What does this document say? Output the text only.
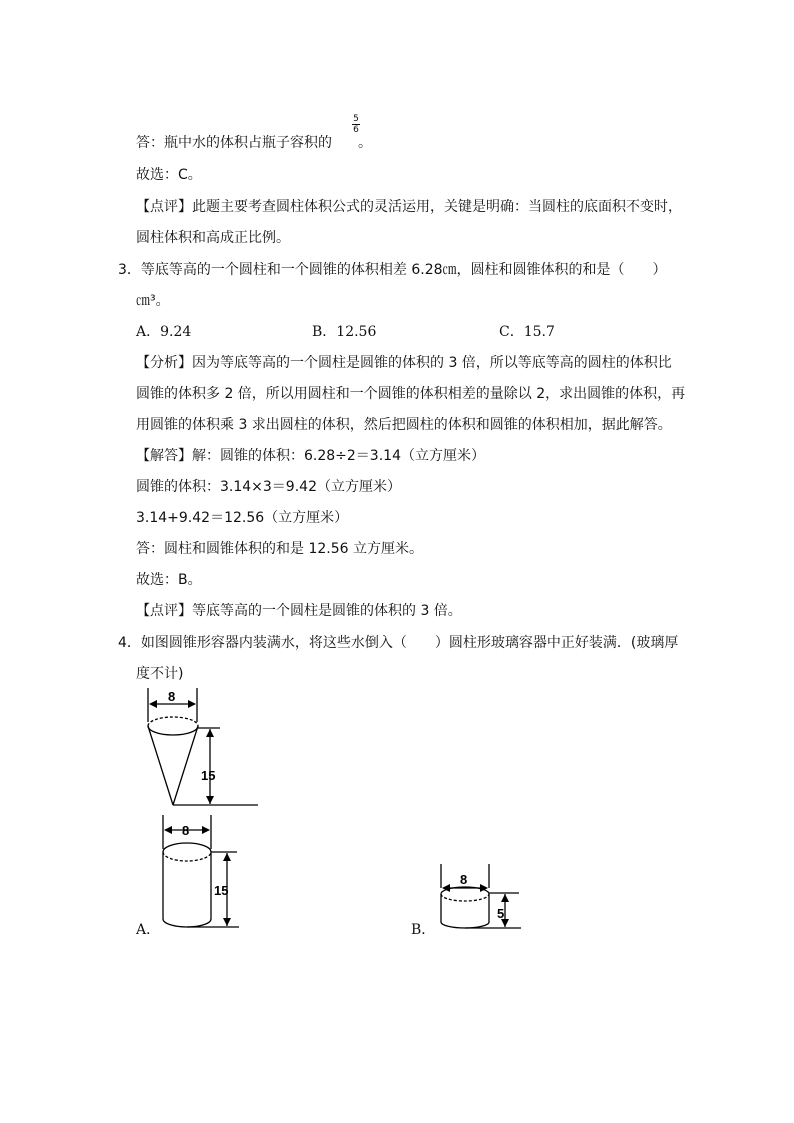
答：瓶中水的体积占瓶子容积的
5
6
。
故选：C。
【点评】此题主要考查圆柱体积公式的灵活运用，关键是明确：当圆柱的底面积不变时，
圆柱体积和高成正比例。
3．等底等高的一个圆柱和一个圆锥的体积相差 6.28㎝，圆柱和圆锥体积的和是（　　）
㎝³。
A．9.24	B．12.56	C．15.7
【分析】因为等底等高的一个圆柱是圆锥的体积的 3 倍，所以等底等高的圆柱的体积比
圆锥的体积多 2 倍，所以用圆柱和一个圆锥的体积相差的量除以 2，求出圆锥的体积，再
用圆锥的体积乘 3 求出圆柱的体积，然后把圆柱的体积和圆锥的体积相加，据此解答。
【解答】解：圆锥的体积：6.28÷2＝3.14（立方厘米）
圆锥的体积：3.14×3＝9.42（立方厘米）
3.14+9.42＝12.56（立方厘米）
答：圆柱和圆锥体积的和是 12.56 立方厘米。
故选：B。
【点评】等底等高的一个圆柱是圆锥的体积的 3 倍。
4．如图圆锥形容器内装满水，将这些水倒入（　　）圆柱形玻璃容器中正好装满．(玻璃厚
度不计)
8
15
8
15
A．
8
5
B．
